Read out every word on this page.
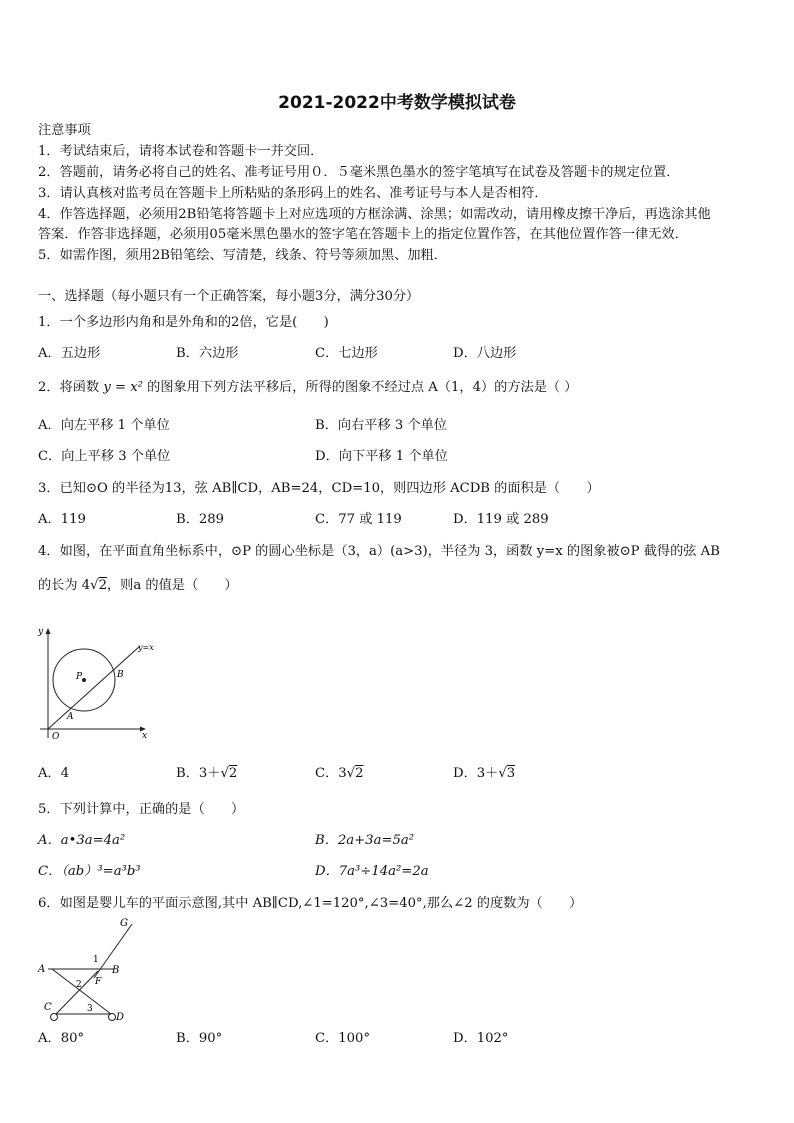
2021-2022中考数学模拟试卷
注意事项
1．考试结束后，请将本试卷和答题卡一并交回．
2．答题前，请务必将自己的姓名、准考证号用０．５毫米黑色墨水的签字笔填写在试卷及答题卡的规定位置．
3．请认真核对监考员在答题卡上所粘贴的条形码上的姓名、准考证号与本人是否相符．
4．作答选择题，必须用2B铅笔将答题卡上对应选项的方框涂满、涂黑；如需改动，请用橡皮擦干净后，再选涂其他
答案．作答非选择题，必须用05毫米黑色墨水的签字笔在答题卡上的指定位置作答，在其他位置作答一律无效．
5．如需作图，须用2B铅笔绘、写清楚，线条、符号等须加黑、加粗．
一、选择题（每小题只有一个正确答案，每小题3分，满分30分）
1．一个多边形内角和是外角和的2倍，它是(　　)
A．五边形	B．六边形	C．七边形	D．八边形
2．将函数 y = x² 的图象用下列方法平移后，所得的图象不经过点 A（1，4）的方法是（ ）
A．向左平移 1 个单位	B．向右平移 3 个单位
C．向上平移 3 个单位	D．向下平移 1 个单位
3．已知⊙O 的半径为13，弦 AB∥CD，AB=24，CD=10，则四边形 ACDB 的面积是（　　）
A．119	B．289	C．77 或 119	D．119 或 289
4．如图，在平面直角坐标系中，⊙P 的圆心坐标是（3，a）(a>3)，半径为 3，函数 y=x 的图象被⊙P 截得的弦 AB
的长为 4√2，则a 的值是（　　）
y
x
O
A
B
P
y=x
A．4	B．3＋√2	C．3√2	D．3＋√3
5．下列计算中，正确的是（　　）
A．a•3a=4a²	B．2a+3a=5a²
C．（ab）³=a³b³	D．7a³÷14a²=2a
6．如图是婴儿车的平面示意图,其中 AB∥CD,∠1=120°,∠3=40°,那么∠2 的度数为（　　）
A	B
C
D
F
G
1
2
3
A．80°	B．90°	C．100°	D．102°
